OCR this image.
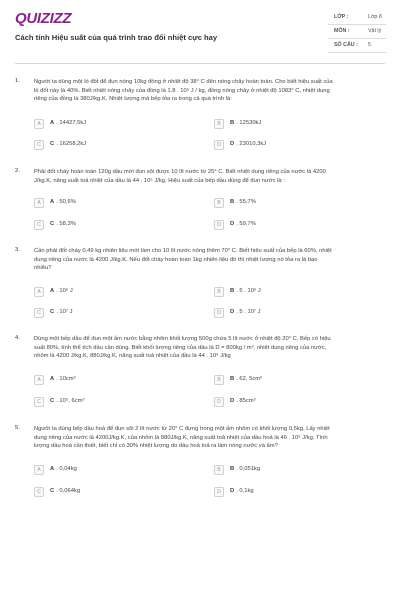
QUIZIZZ
Cách tính Hiệu suất của quá trình trao đổi nhiệt cực hay
LỚP :	Lớp 8
MÔN :	Vật lý
SỐ CÂU : 5
1. Người ta dùng một lò đốt để đun nóng 10kg đồng ở nhiệt độ 38° C đến nóng chảy hoàn toàn. Cho biết hiệu suất của
lò đốt này là 40%. Biết nhiệt nóng chảy của đồng là 1,8 . 10⁵ J / kg, đồng nóng chảy ở nhiệt độ 1083° C, nhiệt dung
riêng của đồng là 380J/kg.K. Nhiệt lượng mà bếp tỏa ra trong cả quá trình là:
A	A . 14427,5kJ	B	B . 12530kJ
C	C . 16258,2kJ	D	D . 23010,3kJ
2. Phải đốt cháy hoàn toàn 120g dầu mới đun sôi được 10 lít nước từ 25° C. Biết nhiệt dung riêng của nước là 4200
J/kg.K, năng suất toả nhiệt của dầu là 44 . 10⁶ J/kg. Hiệu suất của bếp dầu dùng để đun nước là :
A	A . 50,6%	B	B . 55,7%
C	C . 58,3%	D	D . 59,7%
3. Cần phải đốt cháy 0,49 kg nhiên liệu mới làm cho 10 lít nước nóng thêm 70° C. Biết hiệu suất của bếp là 60%, nhiệt
dung riêng của nước là 4200 J/kg.K. Nếu đốt cháy hoàn toàn 1kg nhiên liệu đó thì nhiệt lượng nó tỏa ra là bao
nhiêu?
A	A . 10⁶ J	B	B . 5 . 10⁶ J
C	C . 10⁷ J	D	D . 5 . 10⁷ J
4. Dùng một bếp dầu để đun một ấm nước bằng nhôm khối lượng 500g chứa 5 lít nước ở nhiệt độ 20° C. Bếp có hiệu
suất 80%, tính thể tích dầu cần dùng. Biết khối lượng riêng của dầu là D = 800kg / m³, nhiệt dung riêng của nước,
nhôm là 4200 J/kg.K, 880J/kg.K, năng suất toả nhiệt của dầu là 44 . 10⁶ J/kg
A	A . 10cm³	B	B . 62, 5cm³
C	C . 10⁵, 6cm³	D	D . 85cm³
5. Người ta dùng bếp dầu hoả để đun sôi 2 lít nước từ 20° C đựng trong một ấm nhôm có khối lượng 0,5kg. Lấy nhiệt
dung riêng của nước là 4200J/kg.K, của nhôm là 880J/kg.K, năng suất toả nhiệt của dầu hoả là 46 . 10⁶ J/kg. Tính
lượng dầu hoả cần thiết, biết chỉ có 30% nhiệt lượng do dầu hoả toả ra làm nóng nước và ấm?
A	A . 0,04kg	B	B . 0,051kg
C	C . 0,064kg	D	D . 0,1kg
